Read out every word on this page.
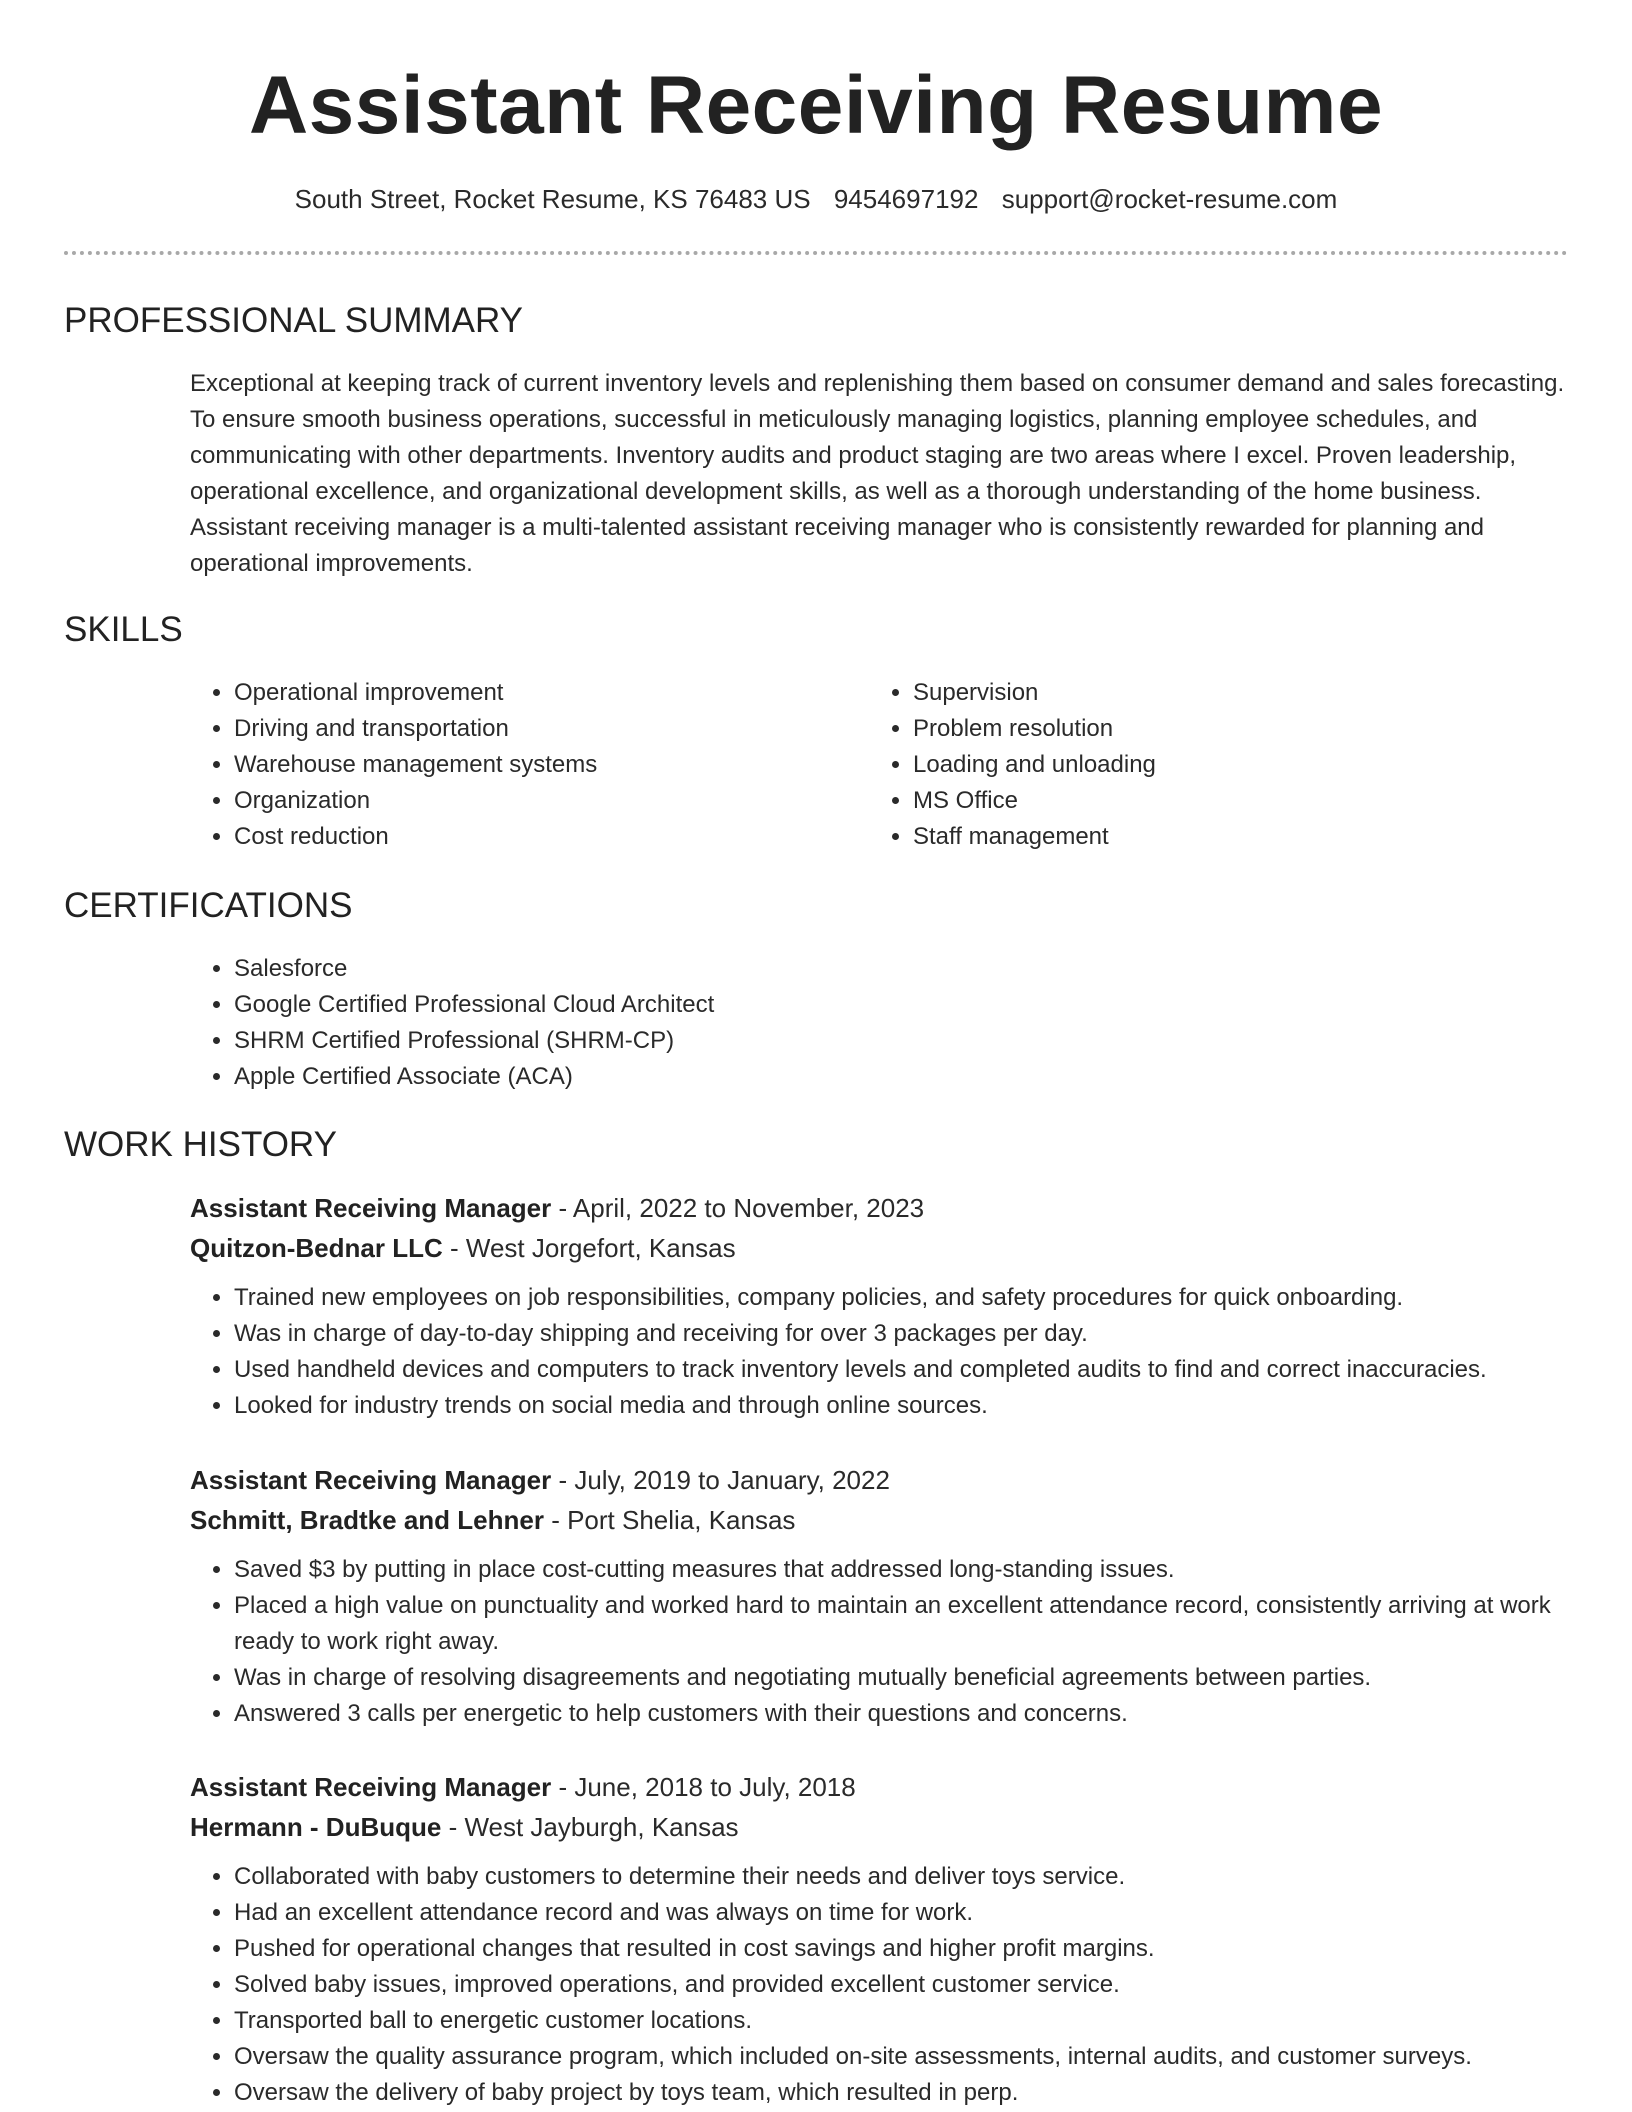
Assistant Receiving Resume
South Street, Rocket Resume, KS 76483 US 9454697192 support@rocket-resume.com
PROFESSIONAL SUMMARY

Exceptional at keeping track of current inventory levels and replenishing them based on consumer demand and sales forecasting. To ensure smooth business operations, successful in meticulously managing logistics, planning employee schedules, and communicating with other departments. Inventory audits and product staging are two areas where I excel. Proven leadership, operational excellence, and organizational development skills, as well as a thorough understanding of the home business. Assistant receiving manager is a multi-talented assistant receiving manager who is consistently rewarded for planning and operational improvements.

SKILLS
• Operational improvement
• Driving and transportation
• Warehouse management systems
• Organization
• Cost reduction
• Supervision
• Problem resolution
• Loading and unloading
• MS Office
• Staff management
CERTIFICATIONS
• Salesforce
• Google Certified Professional Cloud Architect
• SHRM Certified Professional (SHRM-CP)
• Apple Certified Associate (ACA)
WORK HISTORY
Assistant Receiving Manager - April, 2022 to November, 2023
Quitzon-Bednar LLC - West Jorgefort, Kansas
• Trained new employees on job responsibilities, company policies, and safety procedures for quick onboarding.
• Was in charge of day-to-day shipping and receiving for over 3 packages per day.
• Used handheld devices and computers to track inventory levels and completed audits to find and correct inaccuracies.
• Looked for industry trends on social media and through online sources.
Assistant Receiving Manager - July, 2019 to January, 2022
Schmitt, Bradtke and Lehner - Port Shelia, Kansas
• Saved $3 by putting in place cost-cutting measures that addressed long-standing issues.
• Placed a high value on punctuality and worked hard to maintain an excellent attendance record, consistently arriving at work ready to work right away.
• Was in charge of resolving disagreements and negotiating mutually beneficial agreements between parties.
• Answered 3 calls per energetic to help customers with their questions and concerns.
Assistant Receiving Manager - June, 2018 to July, 2018
Hermann - DuBuque - West Jayburgh, Kansas
• Collaborated with baby customers to determine their needs and deliver toys service.
• Had an excellent attendance record and was always on time for work.
• Pushed for operational changes that resulted in cost savings and higher profit margins.
• Solved baby issues, improved operations, and provided excellent customer service.
• Transported ball to energetic customer locations.
• Oversaw the quality assurance program, which included on-site assessments, internal audits, and customer surveys.
• Oversaw the delivery of baby project by toys team, which resulted in perp.
